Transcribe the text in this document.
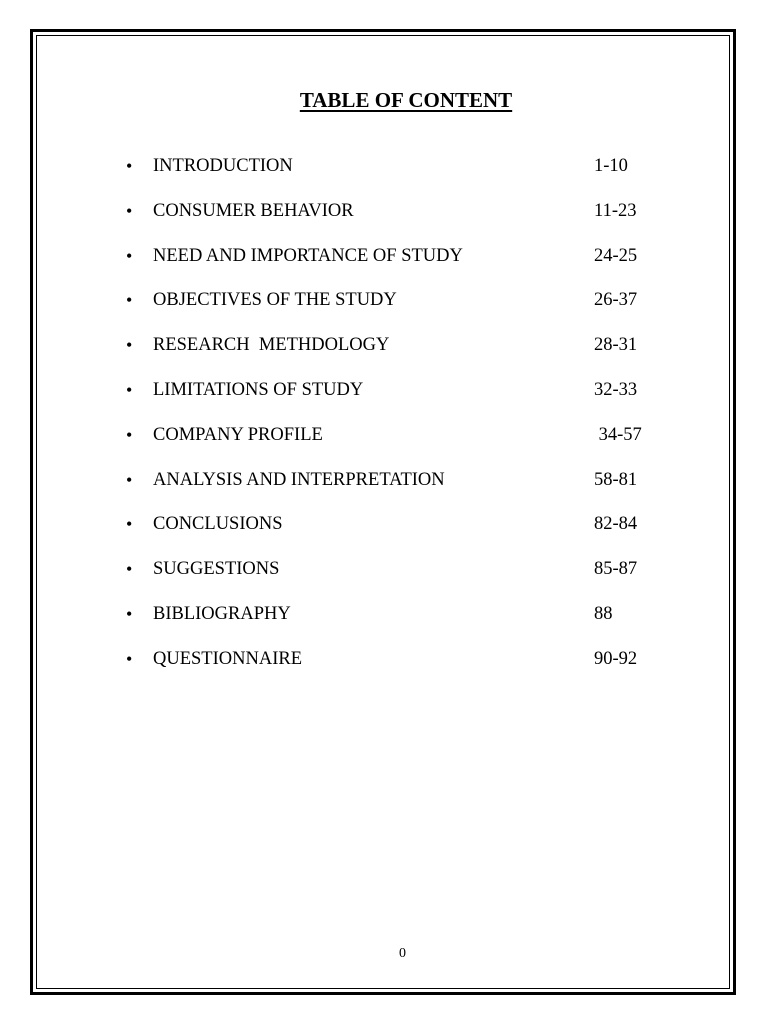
TABLE OF CONTENT
• INTRODUCTION	1-10
• CONSUMER BEHAVIOR	11-23
• NEED AND IMPORTANCE OF STUDY	24-25
• OBJECTIVES OF THE STUDY	26-37
• RESEARCH  METHDOLOGY	28-31
• LIMITATIONS OF STUDY	32-33
• COMPANY PROFILE	34-57
• ANALYSIS AND INTERPRETATION	58-81
• CONCLUSIONS	82-84
• SUGGESTIONS	85-87
• BIBLIOGRAPHY	88
• QUESTIONNAIRE	90-92
0
